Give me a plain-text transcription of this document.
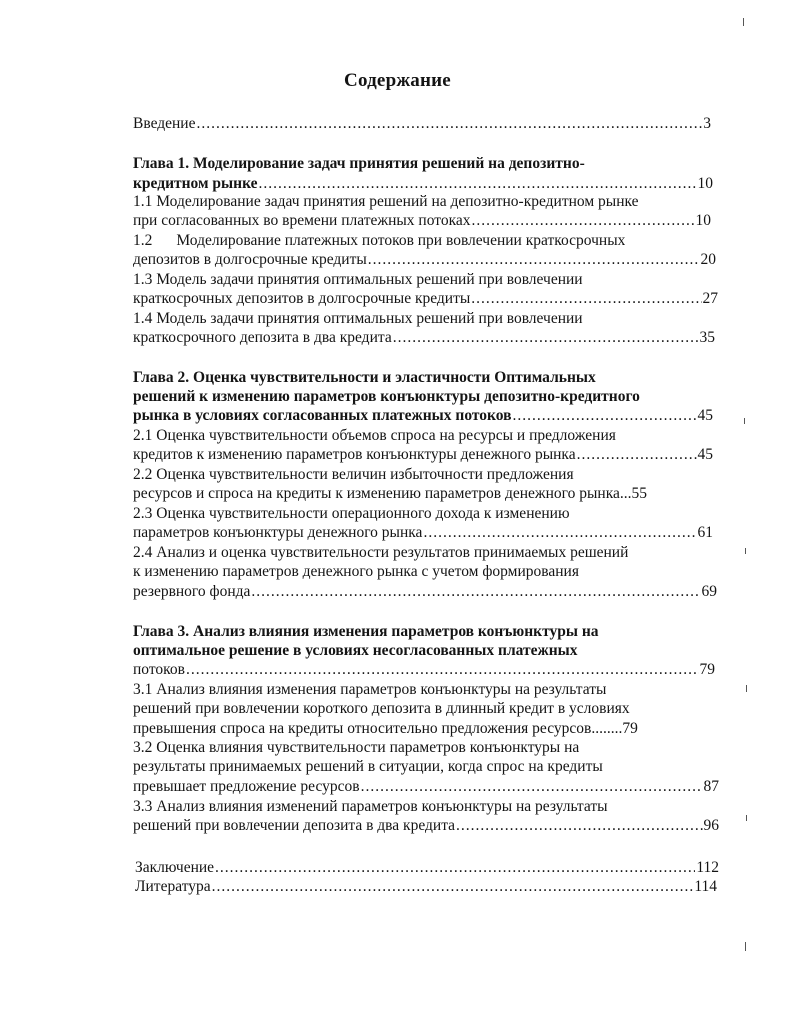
Содержание
Введение .....	3
Глава 1. Моделирование задач принятия решений на депозитно-
кредитном рынке .....	10
1.1 Моделирование задач принятия решений на депозитно-кредитном рынке
при согласованных во времени платежных потоках .....	10
1.2 Моделирование платежных потоков при вовлечении краткосрочных
депозитов в долгосрочные кредиты .....	20
1.3 Модель задачи принятия оптимальных решений при вовлечении
краткосрочных депозитов в долгосрочные кредиты .....	27
1.4 Модель задачи принятия оптимальных решений при вовлечении
краткосрочного депозита в два кредита .....	35
Глава 2. Оценка чувствительности и эластичности Оптимальных
решений к изменению параметров конъюнктуры депозитно-кредитного
рынка в условиях согласованных платежных потоков .....	45
2.1 Оценка чувствительности объемов спроса на ресурсы и предложения
кредитов к изменению параметров конъюнктуры денежного рынка .....	45
2.2 Оценка чувствительности величин избыточности предложения
ресурсов и спроса на кредиты к изменению параметров денежного рынка...55
2.3 Оценка чувствительности операционного дохода к изменению
параметров конъюнктуры денежного рынка .....	61
2.4 Анализ и оценка чувствительности результатов принимаемых решений
к изменению параметров денежного рынка с учетом формирования
резервного фонда .....	69
Глава 3. Анализ влияния изменения параметров конъюнктуры на
оптимальное решение в условиях несогласованных платежных
потоков .....	79
3.1 Анализ влияния изменения параметров конъюнктуры на результаты
решений при вовлечении короткого депозита в длинный кредит в условиях
превышения спроса на кредиты относительно предложения ресурсов........79
3.2 Оценка влияния чувствительности параметров конъюнктуры на
результаты принимаемых решений в ситуации, когда спрос на кредиты
превышает предложение ресурсов .....	87
3.3 Анализ влияния изменений параметров конъюнктуры на результаты
решений при вовлечении депозита в два кредита .....	96
Заключение .....	112
Литература .....	114
